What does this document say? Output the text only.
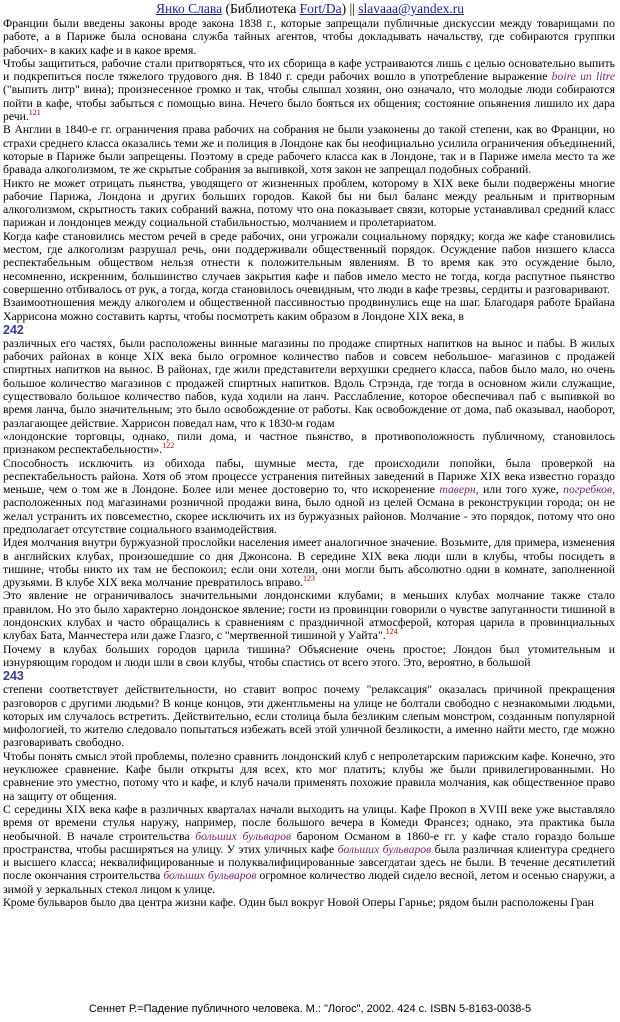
Янко Слава (Библиотека Fort/Da) || slavaaa@yandex.ru

Франции были введены законы вроде закона 1838 г., которые запрещали публичные дискуссии между товарищами по работе, а в Париже была основана служба тайных агентов, чтобы докладывать начальству, где собираются группки рабочих- в каких кафе и в какое время.

Чтобы защититься, рабочие стали притворяться, что их сборища в кафе устраиваются лишь с целью основательно выпить и подкрепиться после тяжелого трудового дня. В 1840 г. среди рабочих вошло в употребление выражение boire un litre ("выпить литр" вина); произнесенное громко и так, чтобы слышал хозяин, оно означало, что молодые люди собираются пойти в кафе, чтобы забыться с помощью вина. Нечего было бояться их общения; состояние опьянения лишило их дара речи.$^{121}$

В Англии в 1840-е гг. ограничения права рабочих на собрания не были узаконены до такой степени, как во Франции, но страхи среднего класса оказались теми же и полиция в Лондоне как бы неофициально усилила ограничения объединений, которые в Париже были запрещены. Поэтому в среде рабочего класса как в Лондоне, так и в Париже имела место та же бравада алкоголизмом, те же скрытые собрания за выпивкой, хотя закон не запрещал подобных собраний.

Никто не может отрицать пьянства, уводящего от жизненных проблем, которому в XIX веке были подвержены многие рабочие Парижа, Лондона и других больших городов. Какой бы ни был баланс между реальным и притворным алкоголизмом, скрытность таких собраний важна, потому что она показывает связи, которые устанавливал средний класс парижан и лондонцев между социальной стабильностью, молчанием и пролетариатом.

Когда кафе становились местом речей в среде рабочих, они угрожали социальному порядку; когда же кафе становились местом, где алкоголизм разрушал речь, они поддерживали общественный порядок. Осуждение пабов низшего класса респектабельным обществом нельзя отнести к положительным явлениям. В то время как это осуждение было, несомненно, искренним, большинство случаев закрытия кафе и пабов имело место не тогда, когда распутное пьянство совершенно отбивалось от рук, а тогда, когда становилось очевидным, что люди в кафе трезвы, сердиты и разговаривают.

Взаимоотношения между алкоголем и общественной пассивностью продвинулись еще на шаг. Благодаря работе Брайана Харрисона можно составить карты, чтобы посмотреть каким образом в Лондоне XIX века, в

242

различных его частях, были расположены винные магазины по продаже спиртных напитков на вынос и пабы. В жилых рабочих районах в конце XIX века было огромное количество пабов и совсем небольшое- магазинов с продажей спиртных напитков на вынос. В районах, где жили представители верхушки среднего класса, пабов было мало, но очень большое количество магазинов с продажей спиртных напитков. Вдоль Стрэнда, где тогда в основном жили служащие, существовало большое количество пабов, куда ходили на ланч. Расслабление, которое обеспечивал паб с выпивкой во время ланча, было значительным; это было освобождение от работы. Как освобождение от дома, паб оказывал, наоборот, разлагающее действие. Харрисон поведал нам, что к 1830-м годам

«лондонские торговцы, однако, пили дома, и частное пьянство, в противоположность публичному, становилось признаком респектабельности».$^{122}$

Способность исключить из обихода пабы, шумные места, где происходили попойки, была проверкой на респектабельность района. Хотя об этом процессе устранения питейных заведений в Париже XIX века известно гораздо меньше, чем о том же в Лондоне. Более или менее достоверно то, что искоренение таверн, или того хуже, погребков, расположенных под магазинами розничной продажи вина, было одной из целей Османа в реконструкции города; он не желал устранить их повсеместно, скорее исключить их из буржуазных районов. Молчание - это порядок, потому что оно предполагает отсутствие социального взаимодействия.

Идея молчания внутри буржуазной прослойки населения имеет аналогичное значение. Возьмите, для примера, изменения в английских клубах, произошедшие со дня Джонсона. В середине XIX века люди шли в клубы, чтобы посидеть в тишине, чтобы никто их там не беспокоил; если они хотели, они могли быть абсолютно одни в комнате, заполненной друзьями. В клубе XIX века молчание превратилось вправо.$^{123}$

Это явление не ограничивалось значительными лондонскими клубами; в меньших клубах молчание также стало правилом. Но это было характерно лондонское явление; гости из провинции говорили о чувстве запуганности тишиной в лондонских клубах и часто обращались к сравнениям с праздничной атмосферой, которая царила в провинциальных клубах Бата, Манчестера или даже Глазго, с "мертвенной тишиной у Уайта".$^{124}$

Почему в клубах больших городов царила тишина? Объяснение очень простое; Лондон был утомительным и изнуряющим городом и люди шли в свои клубы, чтобы спастись от всего этого. Это, вероятно, в большой

243

степени соответствует действительности, но ставит вопрос почему "релаксация" оказалась причиной прекращения разговоров с другими людьми? В конце концов, эти джентльмены на улице не болтали свободно с незнакомыми людьми, которых им случалось встретить. Действительно, если столица была безликим слепым монстром, созданным популярной мифологией, то жителю следовало попытаться избежать всей этой уличной безликости, а именно найти место, где можно разговаривать свободно.

Чтобы понять смысл этой проблемы, полезно сравнить лондонский клуб с непролетарским парижским кафе. Конечно, это неуклюжее сравнение. Кафе были открыты для всех, кто мог платить; клубы же были привилегированными. Но сравнение это уместно, потому что и кафе, и клуб начали применять похожие правила молчания, как общественное право на защиту от общения.

С середины XIX века кафе в различных кварталах начали выходить на улицы. Кафе Прокоп в XVIII веке уже выставляло время от времени стулья наружу, например, после большого вечера в Комеди Франсез; однако, эта практика была необычной. В начале строительства больших бульваров бароном Османом в 1860-е гг. у кафе стало гораздо больше пространства, чтобы расширяться на улицу. У этих уличных кафе больших бульваров была различная клиентура среднего и высшего класса; неквалифицированные и полуквалифицированные завсегдатаи здесь не были. В течение десятилетий после окончания строительства больших бульваров огромное количество людей сидело весной, летом и осенью снаружи, а зимой у зеркальных стекол лицом к улице.

Кроме бульваров было два центра жизни кафе. Один был вокруг Новой Оперы Гарнье; рядом были расположены Гран

Сеннет Р.=Падение публичного человека. М.: "Логос", 2002. 424 с. ISBN 5-8163-0038-5
